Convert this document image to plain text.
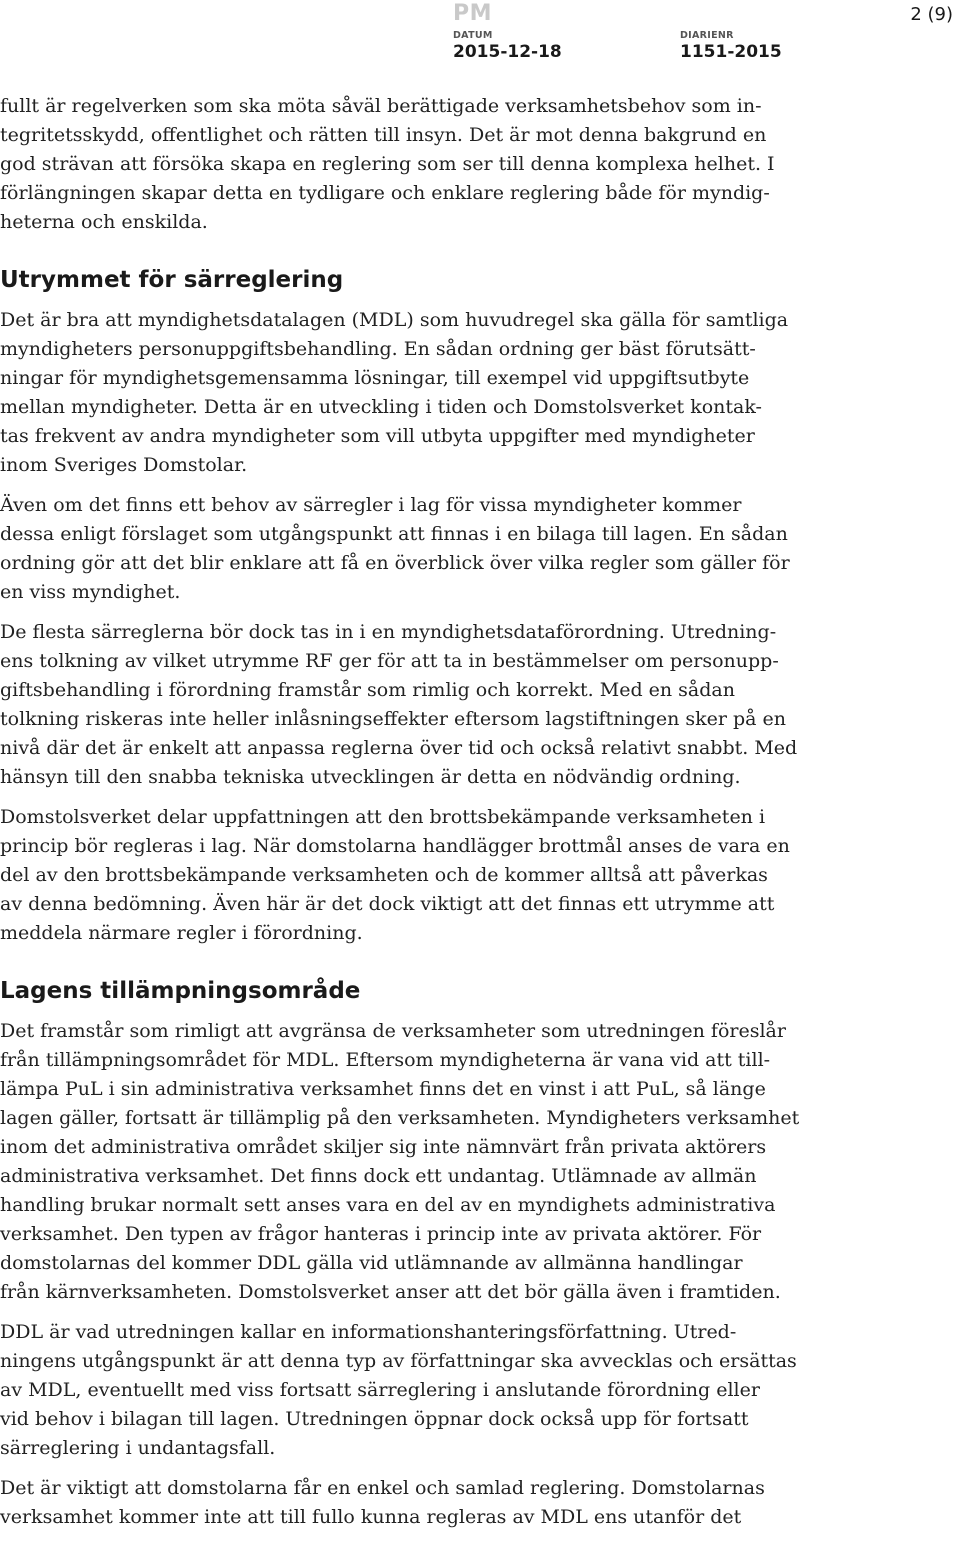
PM	2 (9)
DATUM
2015-12-18
DIARIENR
1151-2015

fullt är regelverken som ska möta såväl berättigade verksamhetsbehov som in-
tegritetsskydd, offentlighet och rätten till insyn. Det är mot denna bakgrund en
god strävan att försöka skapa en reglering som ser till denna komplexa helhet. I
förlängningen skapar detta en tydligare och enklare reglering både för myndig-
heterna och enskilda.

Utrymmet för särreglering

Det är bra att myndighetsdatalagen (MDL) som huvudregel ska gälla för samtliga
myndigheters personuppgiftsbehandling. En sådan ordning ger bäst förutsätt-
ningar för myndighetsgemensamma lösningar, till exempel vid uppgiftsutbyte
mellan myndigheter. Detta är en utveckling i tiden och Domstolsverket kontak-
tas frekvent av andra myndigheter som vill utbyta uppgifter med myndigheter
inom Sveriges Domstolar.

Även om det finns ett behov av särregler i lag för vissa myndigheter kommer
dessa enligt förslaget som utgångspunkt att finnas i en bilaga till lagen. En sådan
ordning gör att det blir enklare att få en överblick över vilka regler som gäller för
en viss myndighet.

De flesta särreglerna bör dock tas in i en myndighetsdataförordning. Utredning-
ens tolkning av vilket utrymme RF ger för att ta in bestämmelser om personupp-
giftsbehandling i förordning framstår som rimlig och korrekt. Med en sådan
tolkning riskeras inte heller inlåsningseffekter eftersom lagstiftningen sker på en
nivå där det är enkelt att anpassa reglerna över tid och också relativt snabbt. Med
hänsyn till den snabba tekniska utvecklingen är detta en nödvändig ordning.

Domstolsverket delar uppfattningen att den brottsbekämpande verksamheten i
princip bör regleras i lag. När domstolarna handlägger brottmål anses de vara en
del av den brottsbekämpande verksamheten och de kommer alltså att påverkas
av denna bedömning. Även här är det dock viktigt att det finnas ett utrymme att
meddela närmare regler i förordning.

Lagens tillämpningsområde

Det framstår som rimligt att avgränsa de verksamheter som utredningen föreslår
från tillämpningsområdet för MDL. Eftersom myndigheterna är vana vid att till-
lämpa PuL i sin administrativa verksamhet finns det en vinst i att PuL, så länge
lagen gäller, fortsatt är tillämplig på den verksamheten. Myndigheters verksamhet
inom det administrativa området skiljer sig inte nämnvärt från privata aktörers
administrativa verksamhet. Det finns dock ett undantag. Utlämnade av allmän
handling brukar normalt sett anses vara en del av en myndighets administrativa
verksamhet. Den typen av frågor hanteras i princip inte av privata aktörer. För
domstolarnas del kommer DDL gälla vid utlämnande av allmänna handlingar
från kärnverksamheten. Domstolsverket anser att det bör gälla även i framtiden.

DDL är vad utredningen kallar en informationshanteringsförfattning. Utred-
ningens utgångspunkt är att denna typ av författningar ska avvecklas och ersättas
av MDL, eventuellt med viss fortsatt särreglering i anslutande förordning eller
vid behov i bilagan till lagen. Utredningen öppnar dock också upp för fortsatt
särreglering i undantagsfall.

Det är viktigt att domstolarna får en enkel och samlad reglering. Domstolarnas
verksamhet kommer inte att till fullo kunna regleras av MDL ens utanför det
